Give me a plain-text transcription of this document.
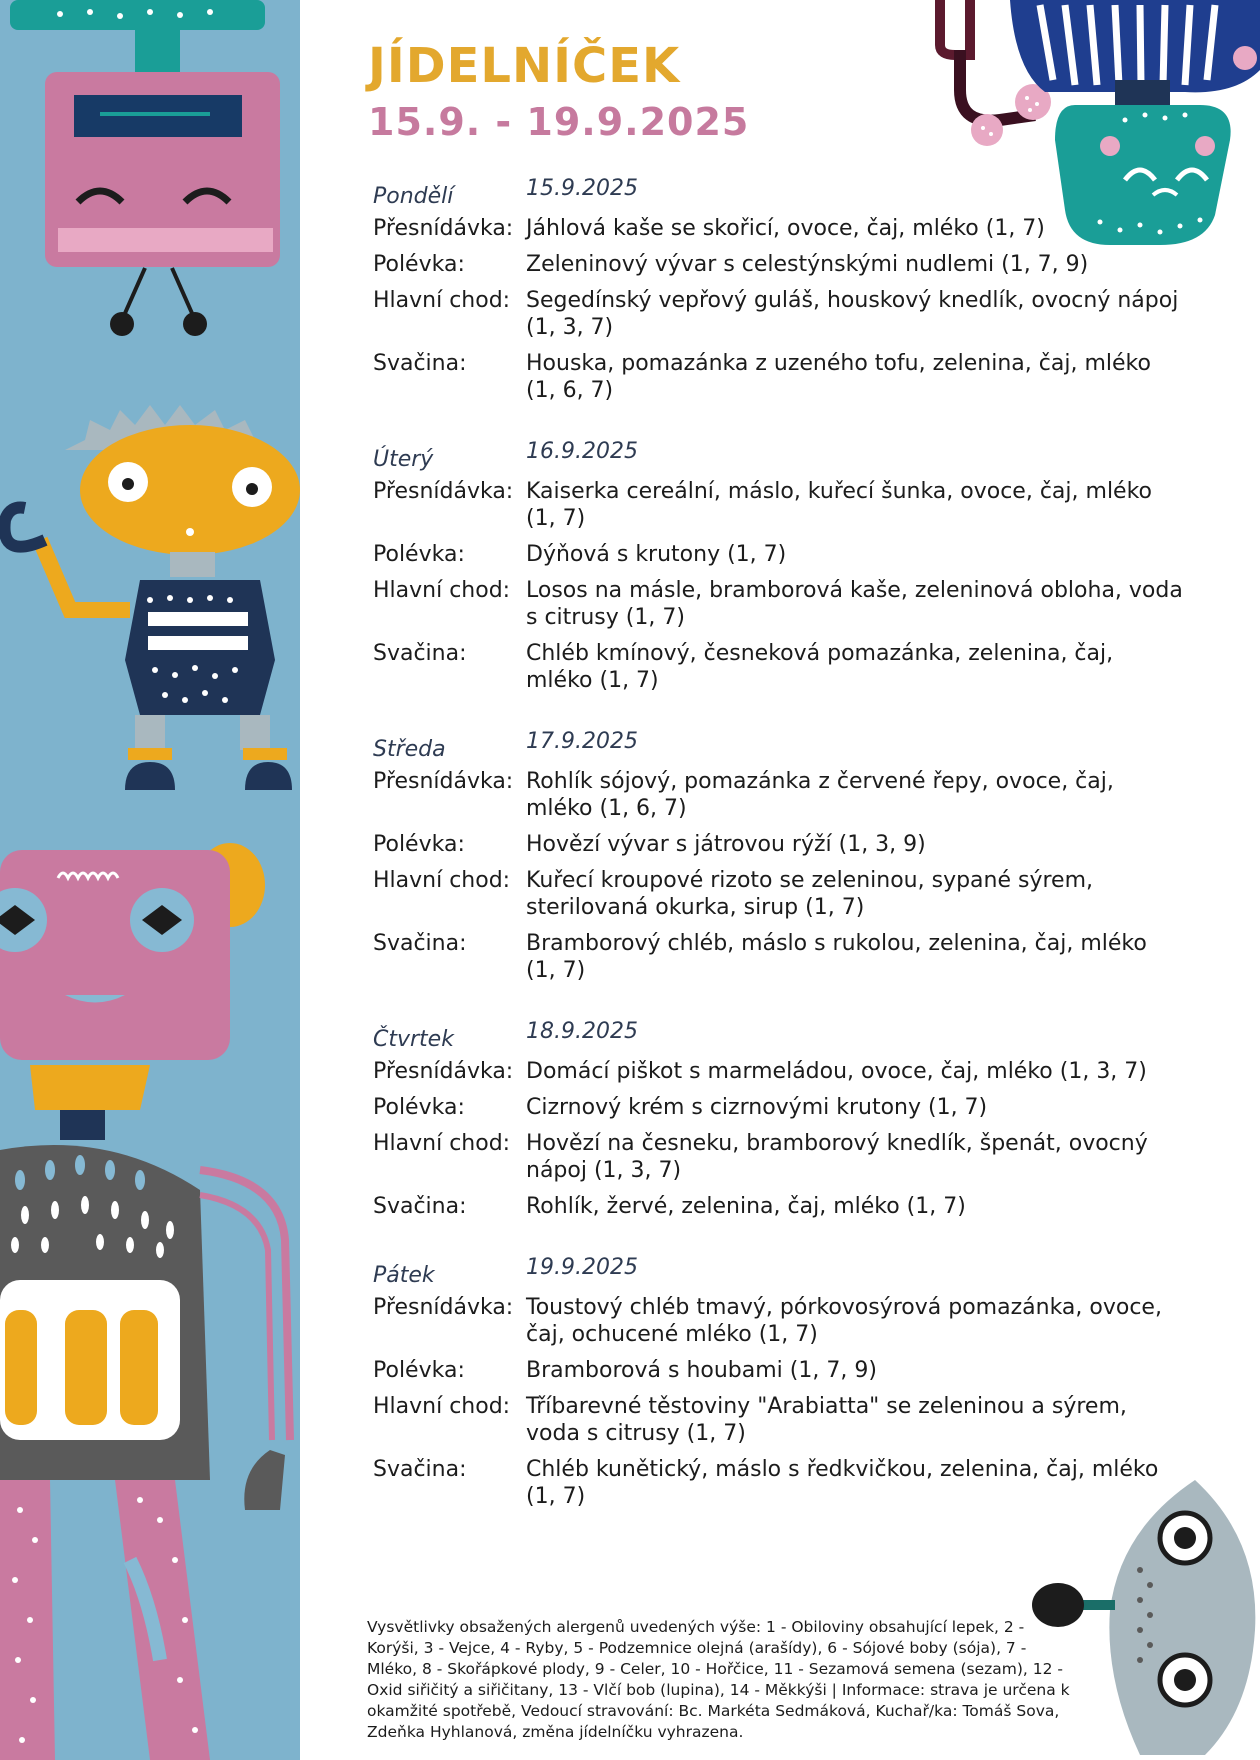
JÍDELNÍČEK
15.9. - 19.9.2025
Pondělí	15.9.2025
Přesnídávka: Jáhlová kaše se skořicí, ovoce, čaj, mléko (1, 7)
Polévka:	Zeleninový vývar s celestýnskými nudlemi (1, 7, 9)
Hlavní chod: Segedínský vepřový guláš, houskový knedlík, ovocný nápoj (1, 3, 7)
Svačina:	Houska, pomazánka z uzeného tofu, zelenina, čaj, mléko (1, 6, 7)
Úterý	16.9.2025
Přesnídávka: Kaiserka cereální, máslo, kuřecí šunka, ovoce, čaj, mléko (1, 7)
Polévka:	Dýňová s krutony (1, 7)
Hlavní chod: Losos na másle, bramborová kaše, zeleninová obloha, voda s citrusy (1, 7)
Svačina:	Chléb kmínový, česneková pomazánka, zelenina, čaj, mléko (1, 7)
Středa	17.9.2025
Přesnídávka: Rohlík sójový, pomazánka z červené řepy, ovoce, čaj, mléko (1, 6, 7)
Polévka:	Hovězí vývar s játrovou rýží (1, 3, 9)
Hlavní chod: Kuřecí kroupové rizoto se zeleninou, sypané sýrem, sterilovaná okurka, sirup (1, 7)
Svačina:	Bramborový chléb, máslo s rukolou, zelenina, čaj, mléko (1, 7)
Čtvrtek	18.9.2025
Přesnídávka: Domácí piškot s marmeládou, ovoce, čaj, mléko (1, 3, 7)
Polévka:	Cizrnový krém s cizrnovými krutony (1, 7)
Hlavní chod: Hovězí na česneku, bramborový knedlík, špenát, ovocný nápoj (1, 3, 7)
Svačina:	Rohlík, žervé, zelenina, čaj, mléko (1, 7)
Pátek	19.9.2025
Přesnídávka: Toustový chléb tmavý, pórkovosýrová pomazánka, ovoce, čaj, ochucené mléko (1, 7)
Polévka:	Bramborová s houbami (1, 7, 9)
Hlavní chod: Tříbarevné těstoviny "Arabiatta" se zeleninou a sýrem, voda s citrusy (1, 7)
Svačina:	Chléb kunětický, máslo s ředkvičkou, zelenina, čaj, mléko (1, 7)
Vysvětlivky obsažených alergenů uvedených výše: 1 - Obiloviny obsahující lepek, 2 - Korýši, 3 - Vejce, 4 - Ryby, 5 - Podzemnice olejná (arašídy), 6 - Sójové boby (sója), 7 - Mléko, 8 - Skořápkové plody, 9 - Celer, 10 - Hořčice, 11 - Sezamová semena (sezam), 12 - Oxid siřičitý a siřičitany, 13 - Vlčí bob (lupina), 14 - Měkkýši | Informace: strava je určena k okamžité spotřebě, Vedoucí stravování: Bc. Markéta Sedmáková, Kuchař/ka: Tomáš Sova, Zdeňka Hyhlanová, změna jídelníčku vyhrazena.
